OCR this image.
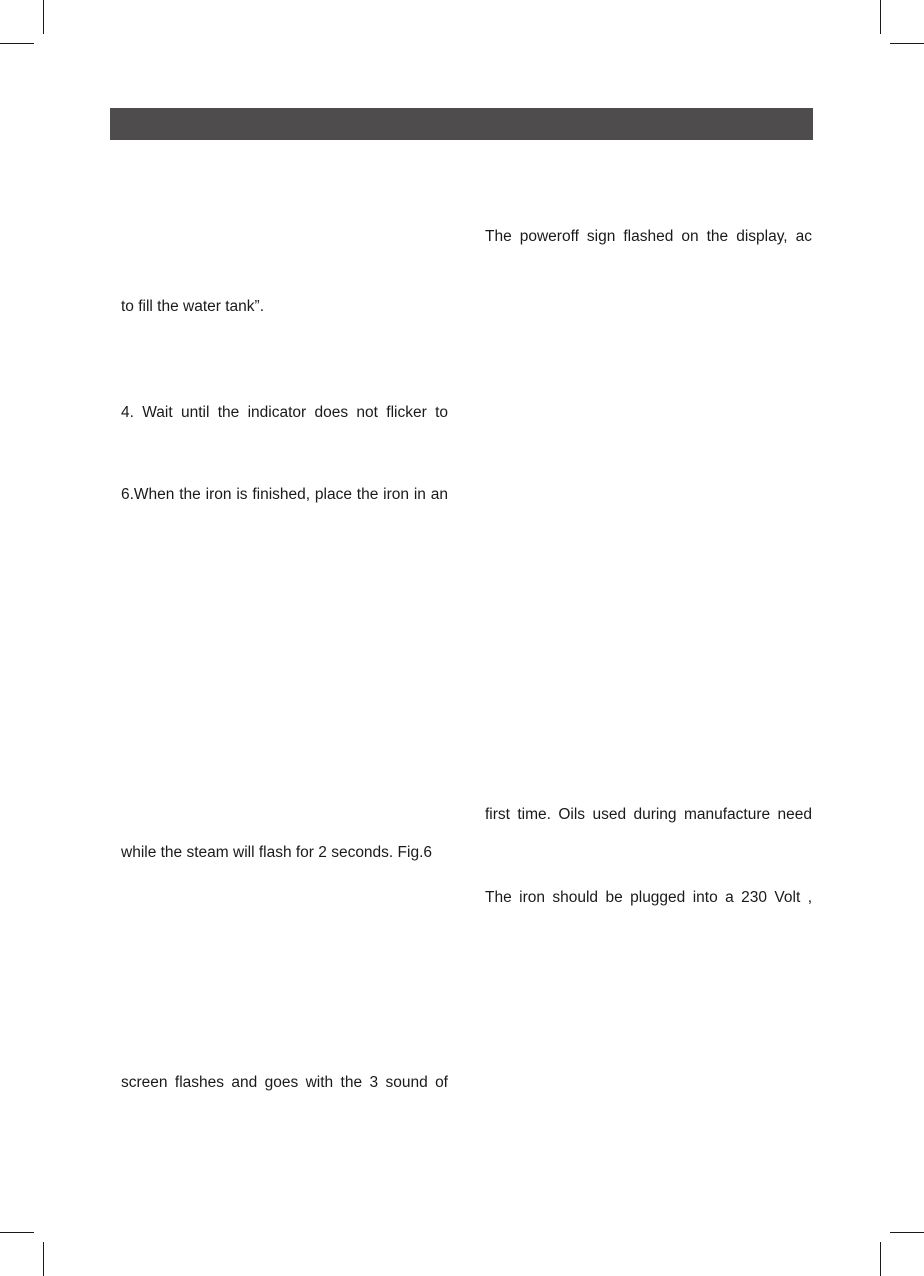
to fill the water tank”.

4. Wait until the indicator does not flicker to

6.When the iron is finished, place the iron in an

while the steam will flash for 2 seconds. Fig.6

screen flashes and goes with the 3 sound of

The poweroff sign flashed on the display, ac

first time. Oils used during manufacture need

The iron should be plugged into a 230 Volt ,
